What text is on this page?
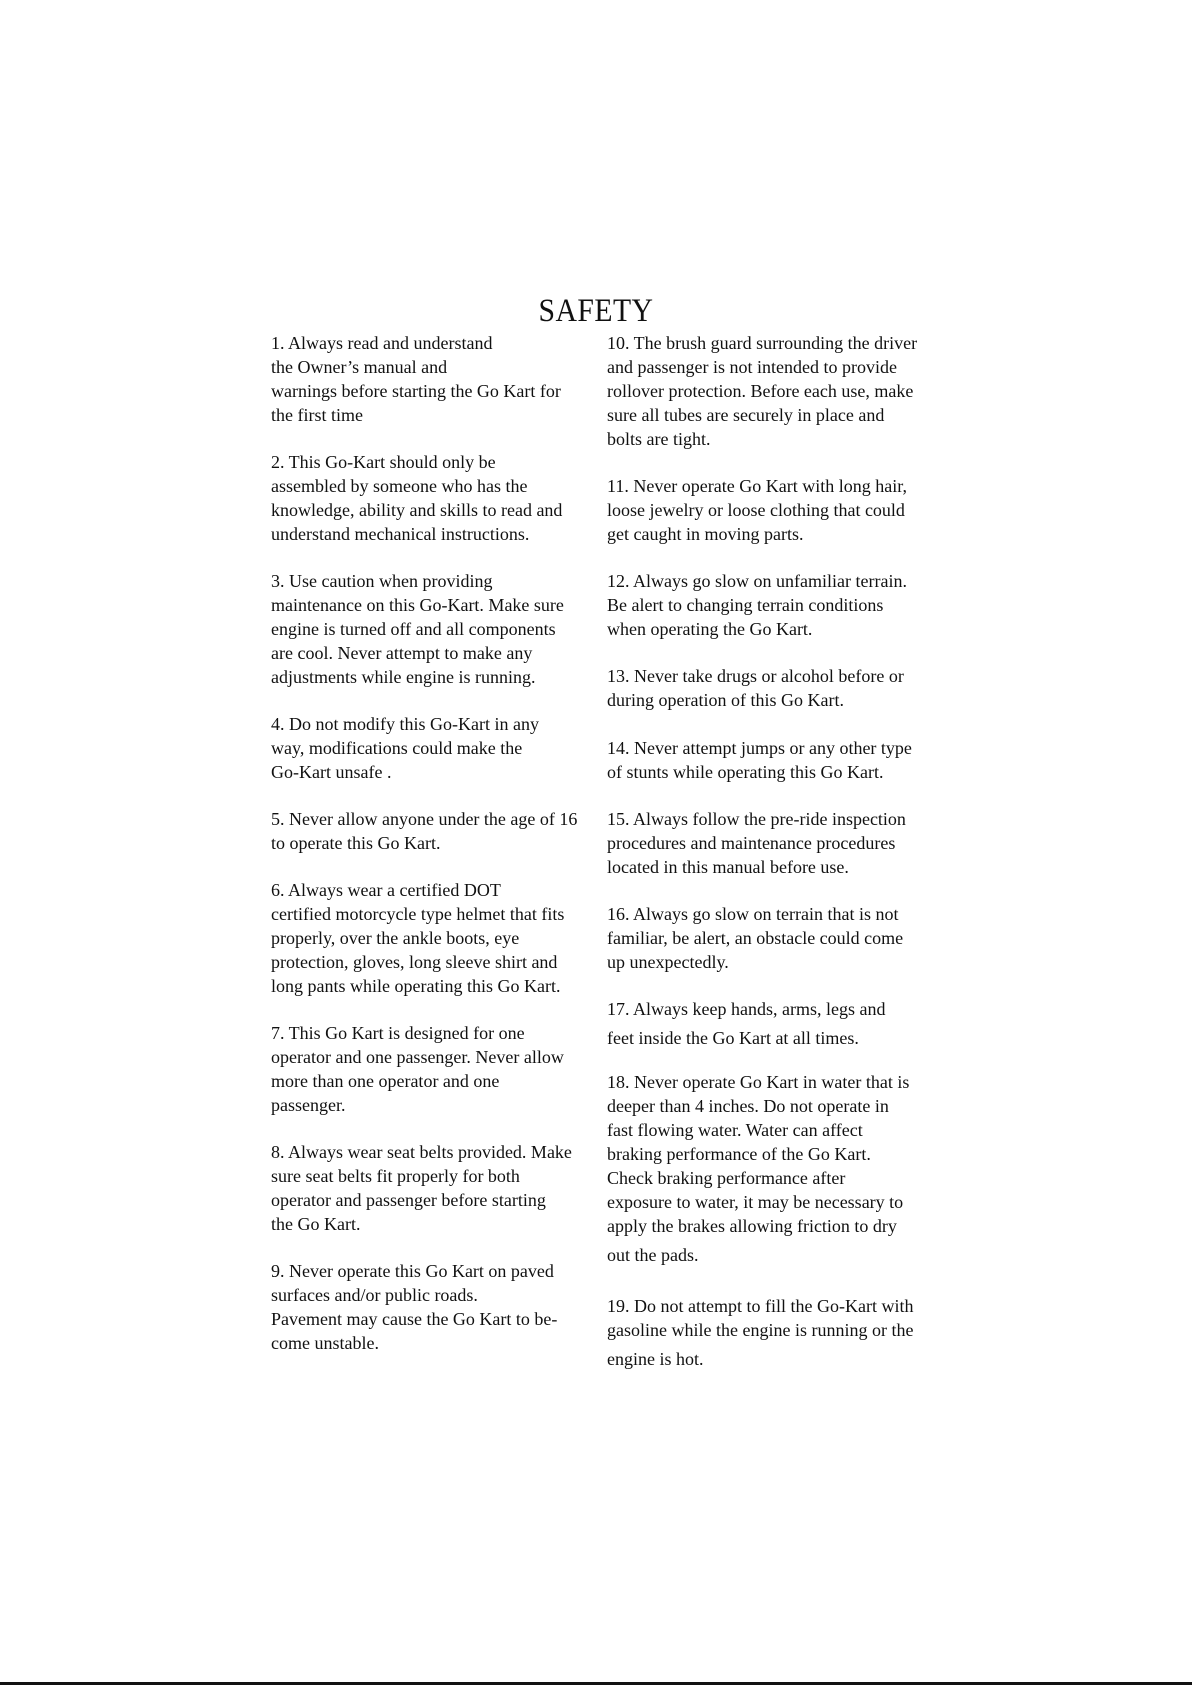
SAFETY
1. Always read and understand
the Owner’s manual and
warnings before starting the Go Kart for
the first time
2. This Go-Kart should only be
assembled by someone who has the
knowledge, ability and skills to read and
understand mechanical instructions.
3. Use caution when providing
maintenance on this Go-Kart. Make sure
engine is turned off and all components
are cool. Never attempt to make any
adjustments while engine is running.
4. Do not modify this Go-Kart in any
way, modifications could make the
Go-Kart unsafe .
5. Never allow anyone under the age of 16
to operate this Go Kart.
6. Always wear a certified DOT
certified motorcycle type helmet that fits
properly, over the ankle boots, eye
protection, gloves, long sleeve shirt and
long pants while operating this Go Kart.
7. This Go Kart is designed for one
operator and one passenger. Never allow
more than one operator and one
passenger.
8. Always wear seat belts provided. Make
sure seat belts fit properly for both
operator and passenger before starting
the Go Kart.
9. Never operate this Go Kart on paved
surfaces and/or public roads.
Pavement may cause the Go Kart to be-
come unstable.
10. The brush guard surrounding the driver
and passenger is not intended to provide
rollover protection. Before each use, make
sure all tubes are securely in place and
bolts are tight.
11. Never operate Go Kart with long hair,
loose jewelry or loose clothing that could
get caught in moving parts.
12. Always go slow on unfamiliar terrain.
Be alert to changing terrain conditions
when operating the Go Kart.
13. Never take drugs or alcohol before or
during operation of this Go Kart.
14. Never attempt jumps or any other type
of stunts while operating this Go Kart.
15. Always follow the pre-ride inspection
procedures and maintenance procedures
located in this manual before use.
16. Always go slow on terrain that is not
familiar, be alert, an obstacle could come
up unexpectedly.
17. Always keep hands, arms, legs and
feet inside the Go Kart at all times.
18. Never operate Go Kart in water that is
deeper than 4 inches. Do not operate in
fast flowing water. Water can affect
braking performance of the Go Kart.
Check braking performance after
exposure to water, it may be necessary to
apply the brakes allowing friction to dry
out the pads.
19. Do not attempt to fill the Go-Kart with
gasoline while the engine is running or the
engine is hot.
